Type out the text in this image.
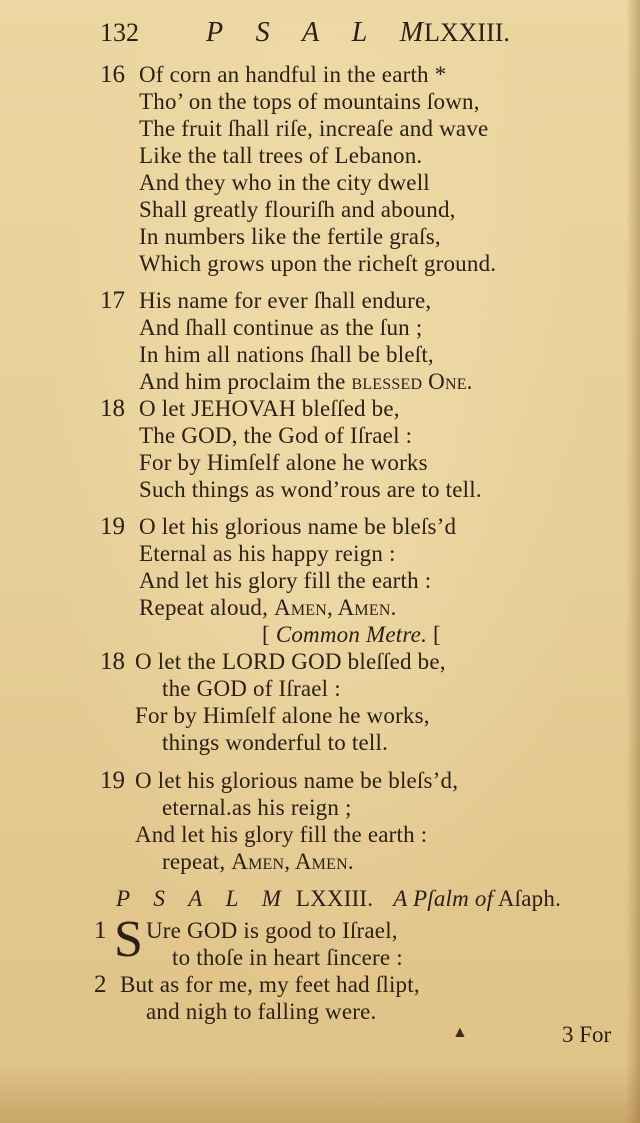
132 P S A L M
LXXIII.
16 Of corn an handful in the earth *
Tho’ on the tops of mountains ſown,
The fruit ſhall riſe, increaſe and wave
Like the tall trees of Lebanon.
And they who in the city dwell
Shall greatly flouriſh and abound,
In numbers like the fertile graſs,
Which grows upon the richeſt ground.
17 His name for ever ſhall endure,
And ſhall continue as the ſun ;
In him all nations ſhall be bleſt,
And him proclaim the blessed One.
18 O let JEHOVAH bleſſed be,
The GOD, the God of Iſrael :
For by Himſelf alone he works
Such things as wond’rous are to tell.
19 O let his glorious name be bleſs’d
Eternal as his happy reign :
And let his glory fill the earth :
Repeat aloud, Amen, Amen.
[ Common Metre. [
18 O let the LORD GOD bleſſed be,
the GOD of Iſrael :
For by Himſelf alone he works,
things wonderful to tell.
19 O let his glorious name be bleſs’d,
eternal.as his reign ;
And let his glory fill the earth :
repeat, Amen, Amen.
P S A L M LXXIII. A Pſalm of Aſaph.
1 S Ure GOD is good to Iſrael,
to thoſe in heart ſincere :
2 But as for me, my feet had ſlipt,
and nigh to falling were.
▲	3 For
